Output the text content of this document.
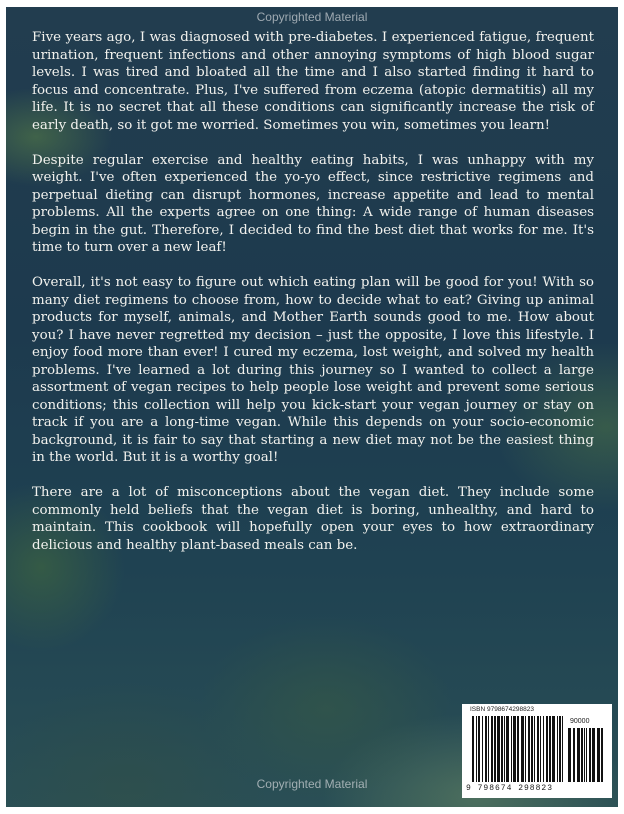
Copyrighted Material

Five years ago, I was diagnosed with pre-diabetes. I experienced fatigue, frequent urination, frequent infections and other annoying symptoms of high blood sugar levels. I was tired and bloated all the time and I also started finding it hard to focus and concentrate. Plus, I've suffered from eczema (atopic dermatitis) all my life. It is no secret that all these conditions can significantly increase the risk of early death, so it got me worried. Sometimes you win, sometimes you learn!

Despite regular exercise and healthy eating habits, I was unhappy with my weight. I've often experienced the yo-yo effect, since restrictive regimens and perpetual dieting can disrupt hormones, increase appetite and lead to mental problems. All the experts agree on one thing: A wide range of human diseases begin in the gut. Therefore, I decided to find the best diet that works for me. It's time to turn over a new leaf!

Overall, it's not easy to figure out which eating plan will be good for you! With so many diet regimens to choose from, how to decide what to eat? Giving up animal products for myself, animals, and Mother Earth sounds good to me. How about you? I have never regretted my decision – just the opposite, I love this lifestyle. I enjoy food more than ever! I cured my eczema, lost weight, and solved my health problems. I've learned a lot during this journey so I wanted to collect a large assortment of vegan recipes to help people lose weight and prevent some serious conditions; this collection will help you kick-start your vegan journey or stay on track if you are a long-time vegan. While this depends on your socio-economic background, it is fair to say that starting a new diet may not be the easiest thing in the world. But it is a worthy goal!

There are a lot of misconceptions about the vegan diet. They include some commonly held beliefs that the vegan diet is boring, unhealthy, and hard to maintain. This cookbook will hopefully open your eyes to how extraordinary delicious and healthy plant-based meals can be.

ISBN 9798674298823
90000
9 798674 298823
Copyrighted Material
